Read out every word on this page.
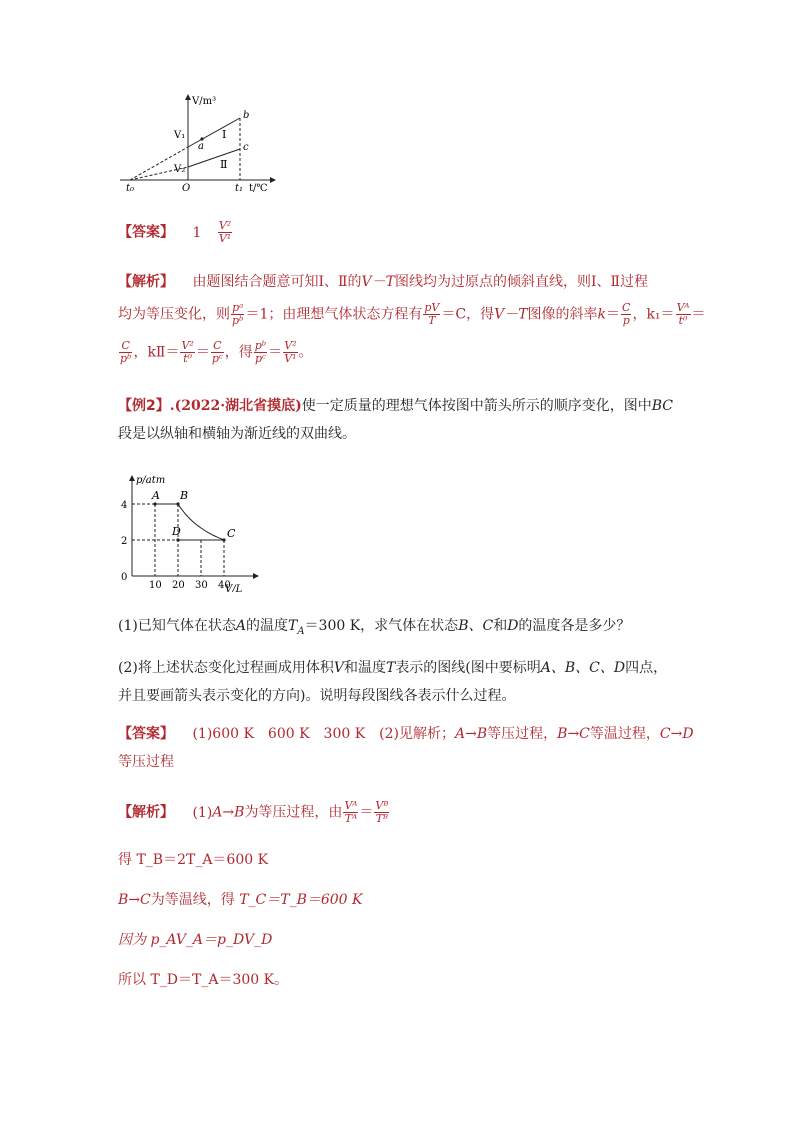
V/m³
V₁
V₂
a
b
c
Ⅰ
Ⅱ
t₀	O	t₁ t/℃
【答案】 $1 \frac{\text{V²}}{\text{V¹}}$
【解析】 由题图结合题意可知Ⅰ、Ⅱ的V－T图线均为过原点的倾斜直线，则Ⅰ、Ⅱ过程
均为等压变化，则 $\frac{\text{pᵃ}}{\text{pᵇ}} =1$；由理想气体状态方程有 $\frac{pV}{T} =C$，得V－T图像的斜率$k= \frac{C}{p}$ ，$k_1= \frac{\text{Vᴬ}}{\text{t⁰}}$ ＝
$\frac{C}{\text{pᵇ}}$ ，kⅡ＝ $\frac{\text{V²}}{\text{t⁰}} = \frac{C}{\text{pᶜ}}$ ，得 $\frac{\text{pᵇ}}{\text{pᶜ}} = \frac{\text{V²}}{\text{V¹}}$ 。
【例2】.(2022·湖北省摸底)使一定质量的理想气体按图中箭头所示的顺序变化，图中BC
段是以纵轴和横轴为渐近线的双曲线。
A B
C
D
10 20 30 40
4
2
0
V/L
p/atm
(1)已知气体在状态A的温度$T_A=300$ K，求气体在状态B、C和D的温度各是多少？
(2)将上述状态变化过程画成用体积V和温度T表示的图线(图中要标明A、B、C、D四点，
并且要画箭头表示变化的方向)。说明每段图线各表示什么过程。
【答案】 (1)600 K　600 K　300 K　(2)见解析；A→B等压过程，B→C等温过程，C→D
等压过程
【解析】 (1)A→B为等压过程，由 $\frac{\text{Vᴬ}}{\text{Tᴬ}} = \frac{\text{Vᴮ}}{\text{Tᴮ}}$
得 T_B＝2T_A＝600 K
B→C为等温线，得 T_C＝T_B＝600 K
因为 p_AV_A＝p_DV_D
所以 T_D＝T_A＝300 K。
